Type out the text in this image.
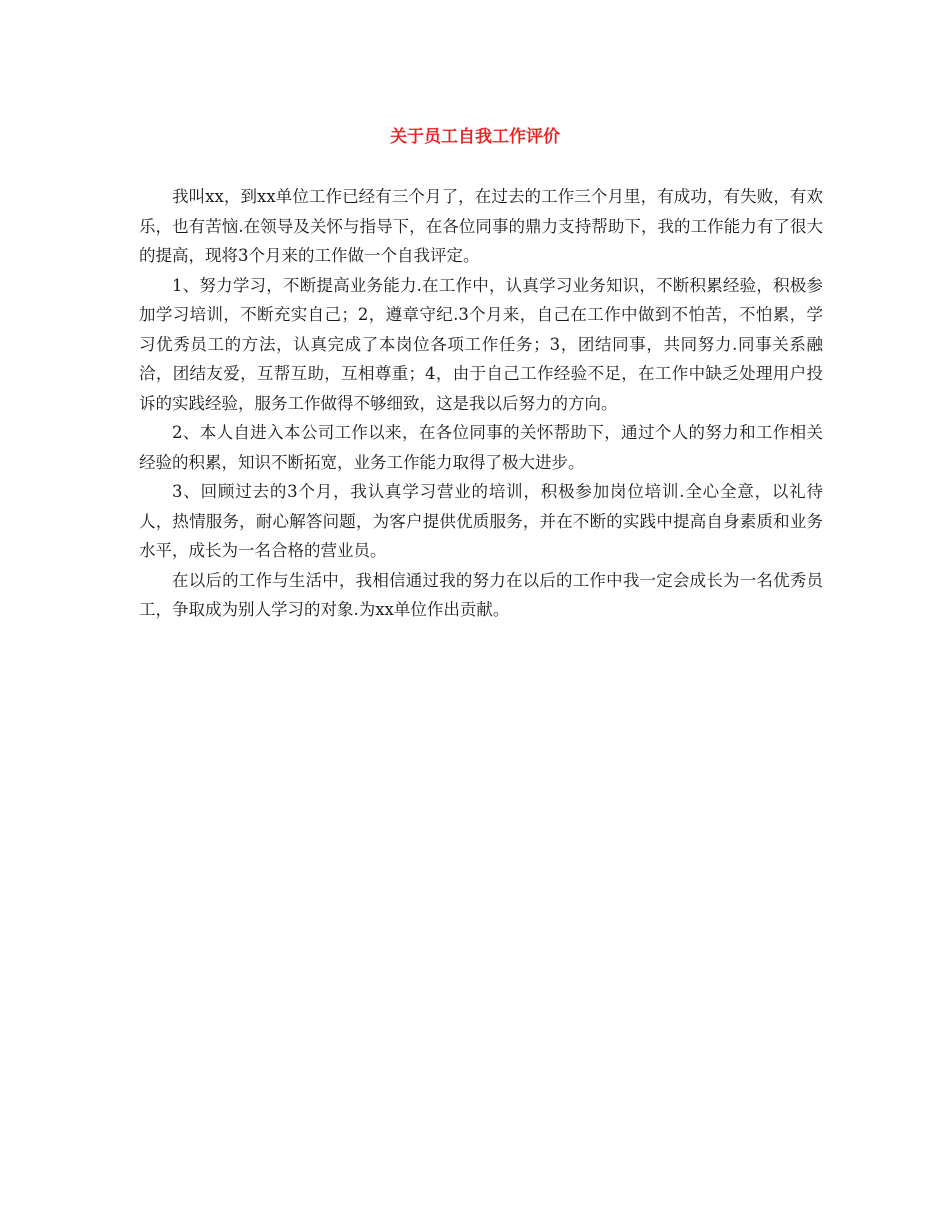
关于员工自我工作评价

我叫xx，到xx单位工作已经有三个月了，在过去的工作三个月里，有成功，有失败，有欢乐，也有苦恼.在领导及关怀与指导下，在各位同事的鼎力支持帮助下，我的工作能力有了很大的提高，现将3个月来的工作做一个自我评定。

1、努力学习，不断提高业务能力.在工作中，认真学习业务知识，不断积累经验，积极参加学习培训，不断充实自己；2，遵章守纪.3个月来，自己在工作中做到不怕苦，不怕累，学习优秀员工的方法，认真完成了本岗位各项工作任务；3，团结同事，共同努力.同事关系融洽，团结友爱，互帮互助，互相尊重；4，由于自己工作经验不足，在工作中缺乏处理用户投诉的实践经验，服务工作做得不够细致，这是我以后努力的方向。

2、本人自进入本公司工作以来，在各位同事的关怀帮助下，通过个人的努力和工作相关经验的积累，知识不断拓宽，业务工作能力取得了极大进步。

3、回顾过去的3个月，我认真学习营业的培训，积极参加岗位培训.全心全意，以礼待人，热情服务，耐心解答问题，为客户提供优质服务，并在不断的实践中提高自身素质和业务水平，成长为一名合格的营业员。

在以后的工作与生活中，我相信通过我的努力在以后的工作中我一定会成长为一名优秀员工，争取成为别人学习的对象.为xx单位作出贡献。
